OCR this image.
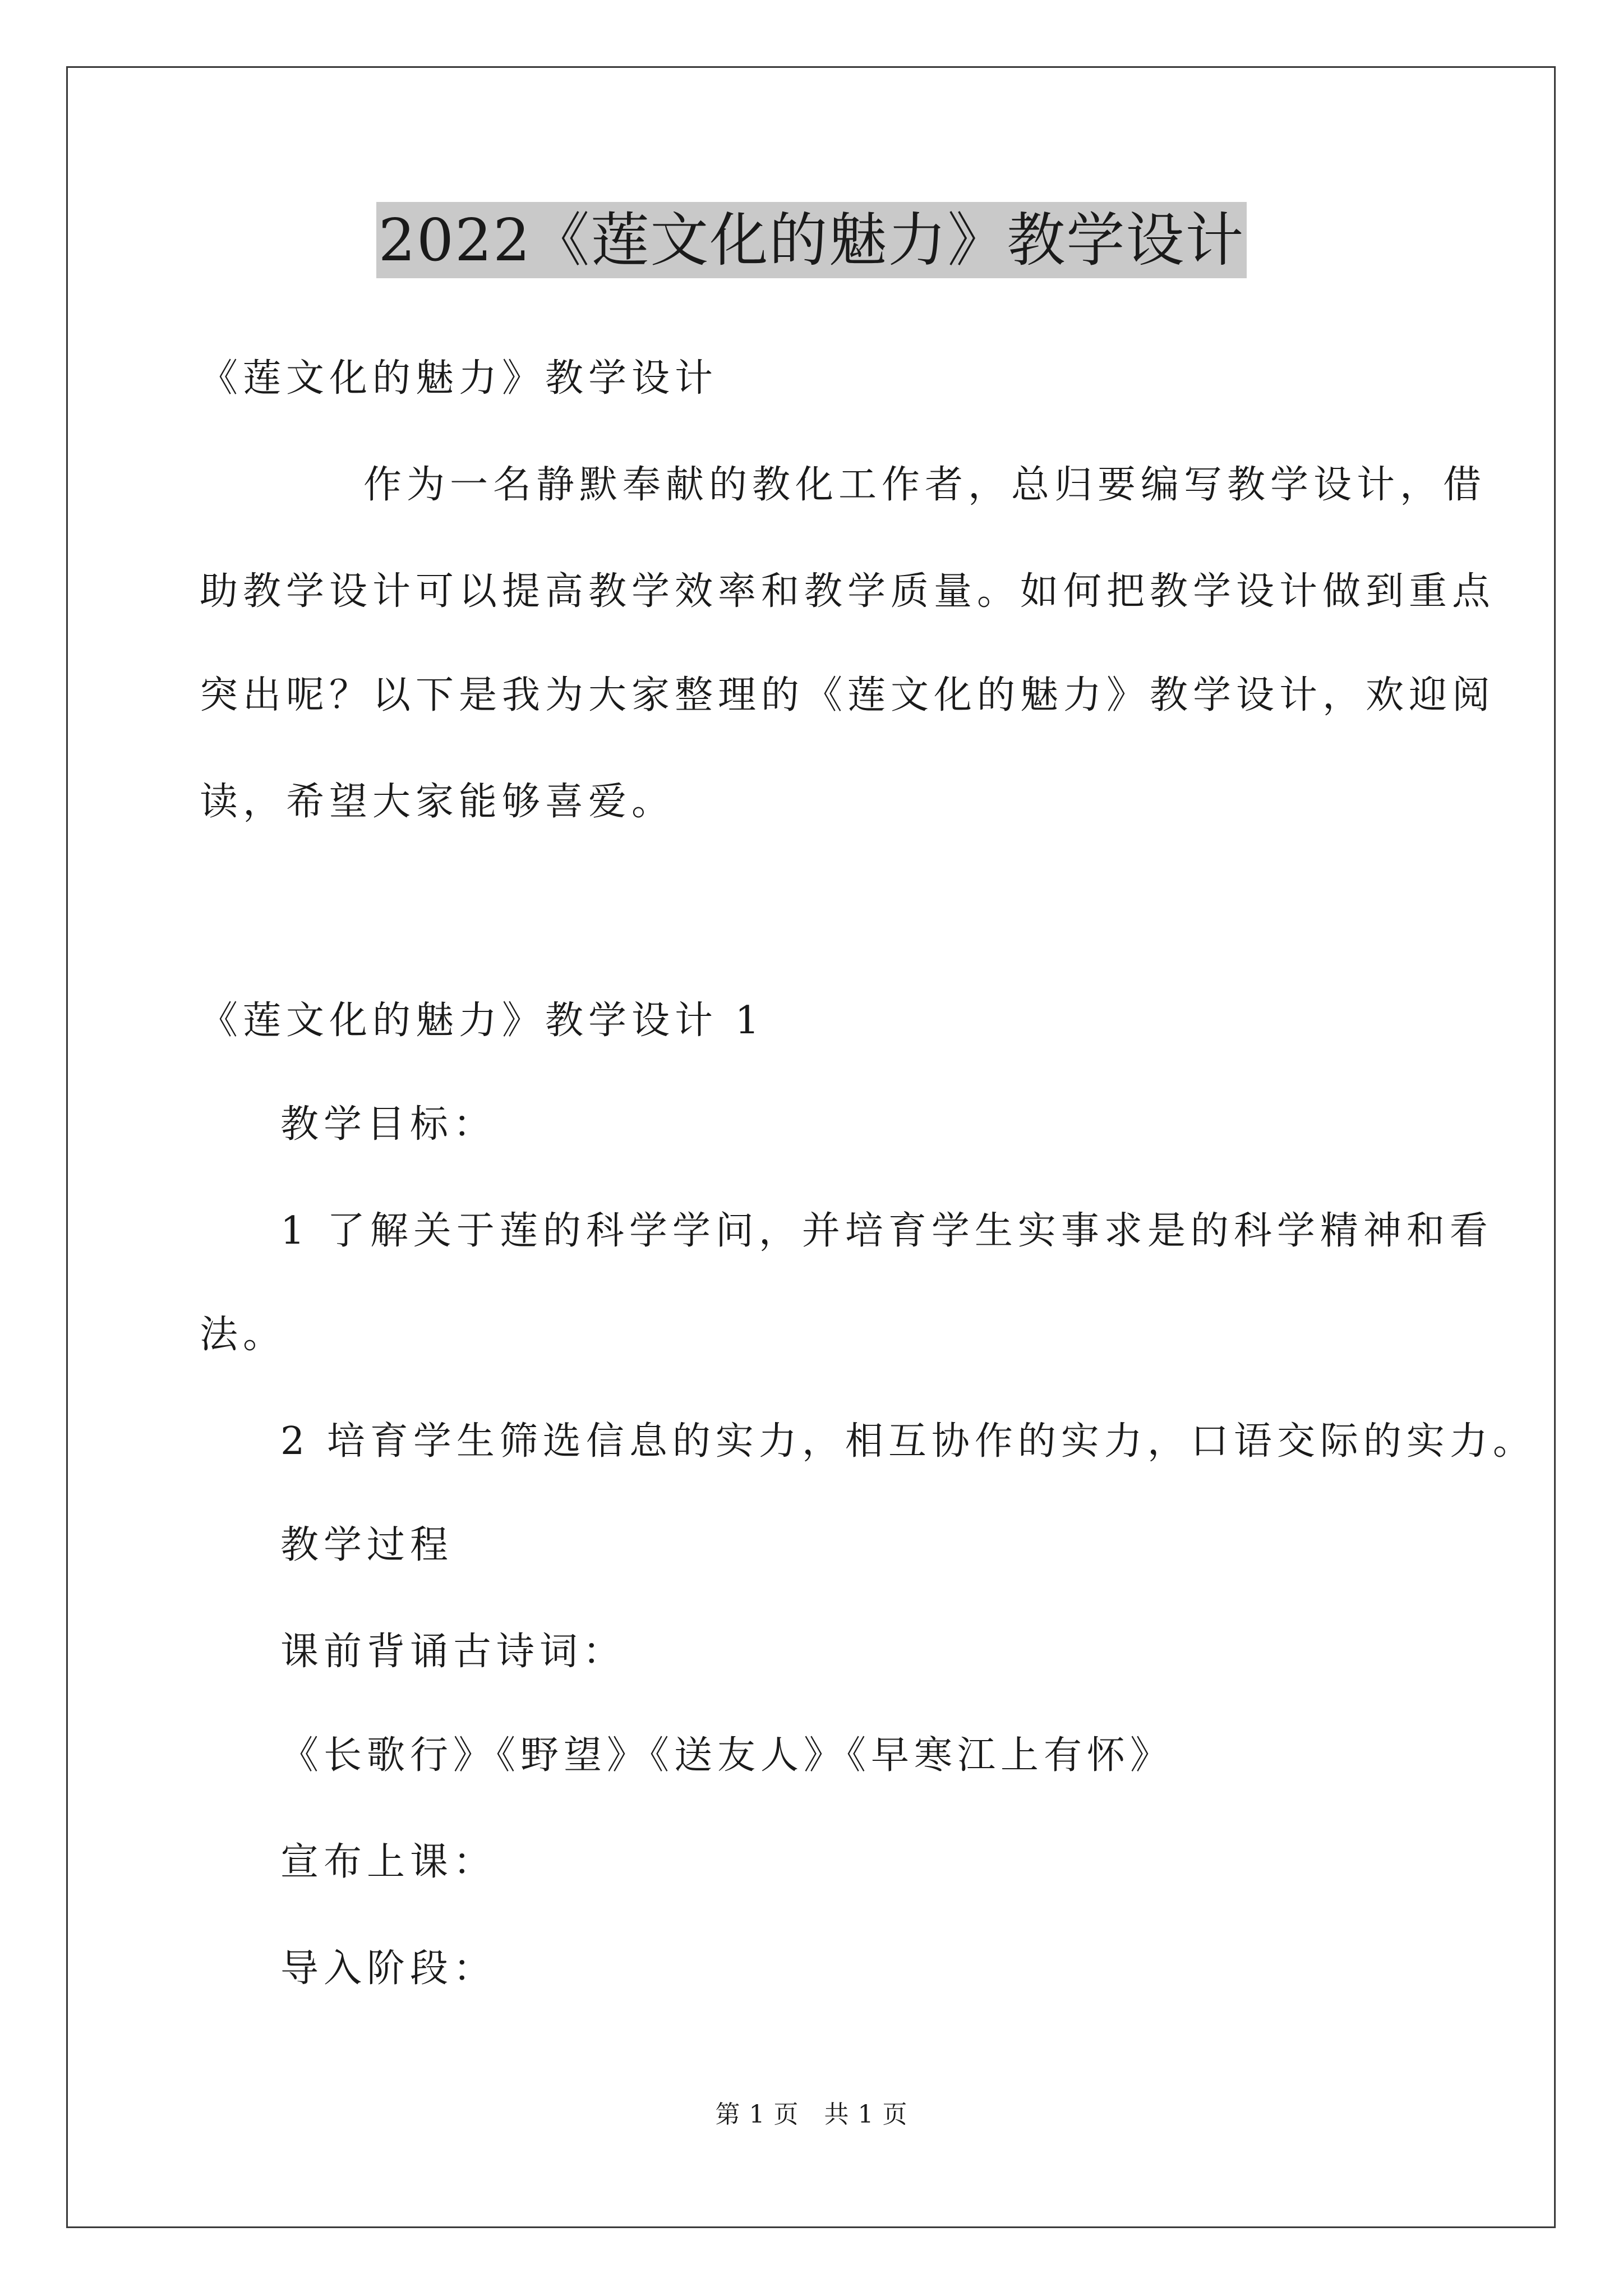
2022《莲文化的魅力》教学设计
《莲文化的魅力》教学设计
作为一名静默奉献的教化工作者，总归要编写教学设计，借
助教学设计可以提高教学效率和教学质量。如何把教学设计做到重点
突出呢？以下是我为大家整理的《莲文化的魅力》教学设计，欢迎阅
读，希望大家能够喜爱。
《莲文化的魅力》教学设计 1
教学目标：
1 了解关于莲的科学学问，并培育学生实事求是的科学精神和看
法。
2 培育学生筛选信息的实力，相互协作的实力，口语交际的实力。
教学过程
课前背诵古诗词：
《长歌行》《野望》《送友人》《早寒江上有怀》
宣布上课：
导入阶段：
第 1 页　共 1 页
